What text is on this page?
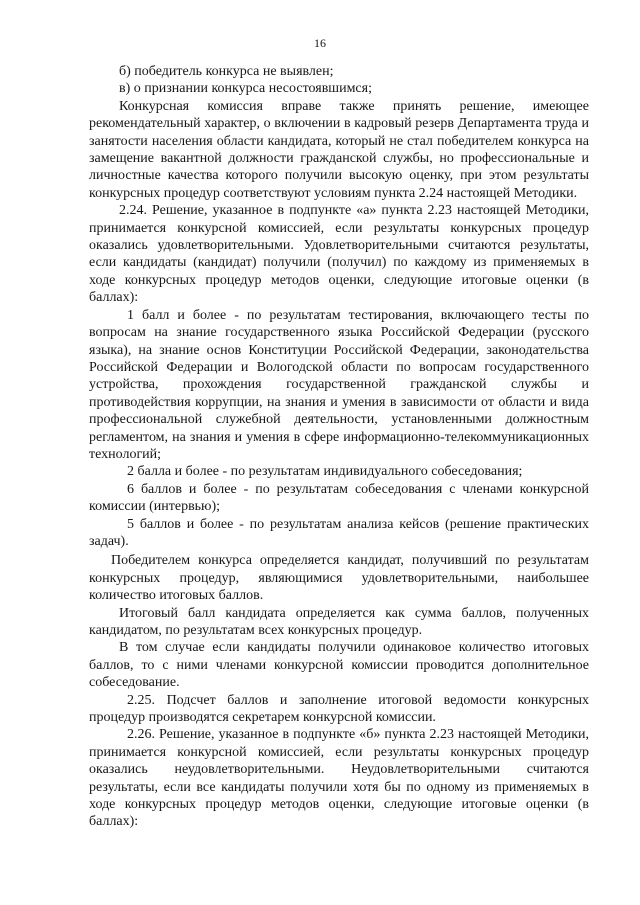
16

б) победитель конкурса не выявлен;

в) о признании конкурса несостоявшимся;

Конкурсная комиссия вправе также принять решение, имеющее рекомендательный характер, о включении в кадровый резерв Департамента труда и занятости населения области кандидата, который не стал победителем конкурса на замещение вакантной должности гражданской службы, но профессиональные и личностные качества которого получили высокую оценку, при этом результаты конкурсных процедур соответствуют условиям пункта 2.24 настоящей Методики.

2.24. Решение, указанное в подпункте «а» пункта 2.23 настоящей Методики, принимается конкурсной комиссией, если результаты конкурсных процедур оказались удовлетворительными. Удовлетворительными считаются результаты, если кандидаты (кандидат) получили (получил) по каждому из применяемых в ходе конкурсных процедур методов оценки, следующие итоговые оценки (в баллах):

1 балл и более - по результатам тестирования, включающего тесты по вопросам на знание государственного языка Российской Федерации (русского языка), на знание основ Конституции Российской Федерации, законодательства Российской Федерации и Вологодской области по вопросам государственного устройства, прохождения государственной гражданской службы и противодействия коррупции, на знания и умения в зависимости от области и вида профессиональной служебной деятельности, установленными должностным регламентом, на знания и умения в сфере информационно-телекоммуникационных технологий;

2 балла и более - по результатам индивидуального собеседования;

6 баллов и более - по результатам собеседования с членами конкурсной комиссии (интервью);

5 баллов и более - по результатам анализа кейсов (решение практических задач).

Победителем конкурса определяется кандидат, получивший по результатам конкурсных процедур, являющимися удовлетворительными, наибольшее количество итоговых баллов.

Итоговый балл кандидата определяется как сумма баллов, полученных кандидатом, по результатам всех конкурсных процедур.

В том случае если кандидаты получили одинаковое количество итоговых баллов, то с ними членами конкурсной комиссии проводится дополнительное собеседование.

2.25. Подсчет баллов и заполнение итоговой ведомости конкурсных процедур производятся секретарем конкурсной комиссии.

2.26. Решение, указанное в подпункте «б» пункта 2.23 настоящей Методики, принимается конкурсной комиссией, если результаты конкурсных процедур оказались неудовлетворительными. Неудовлетворительными считаются результаты, если все кандидаты получили хотя бы по одному из применяемых в ходе конкурсных процедур методов оценки, следующие итоговые оценки (в баллах):
